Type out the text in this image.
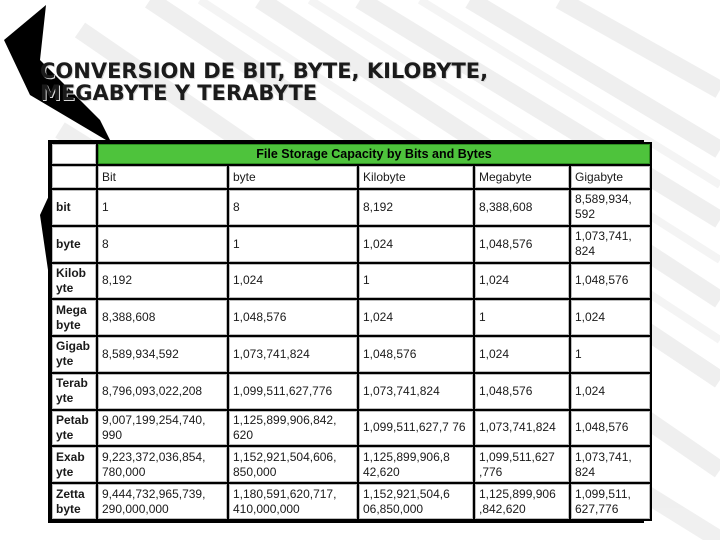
CONVERSION DE BIT, BYTE, KILOBYTE, MEGABYTE Y TERABYTE
	File Storage Capacity by Bits and Bytes				
	Bit	byte	Kilobyte	Megabyte	Gigabyte
bit	1	8	8,192	8,388,608	8,589,934, 592
byte	8	1	1,024	1,048,576	1,073,741, 824
Kilob yte	8,192	1,024	1	1,024	1,048,576
Mega byte	8,388,608	1,048,576	1,024	1	1,024
Gigab yte	8,589,934,592	1,073,741,824	1,048,576	1,024	1
Terab yte	8,796,093,022,208	1,099,511,627,776	1,073,741,824	1,048,576	1,024
Petab yte	9,007,199,254,740, 990	1,125,899,906,842, 620	1,099,511,627,7 76	1,073,741,824	1,048,576
Exab yte	9,223,372,036,854, 780,000	1,152,921,504,606, 850,000	1,125,899,906,8 42,620	1,099,511,627 ,776	1,073,741, 824
Zetta byte	9,444,732,965,739, 290,000,000	1,180,591,620,717, 410,000,000	1,152,921,504,6 06,850,000	1,125,899,906 ,842,620	1,099,511, 627,776
